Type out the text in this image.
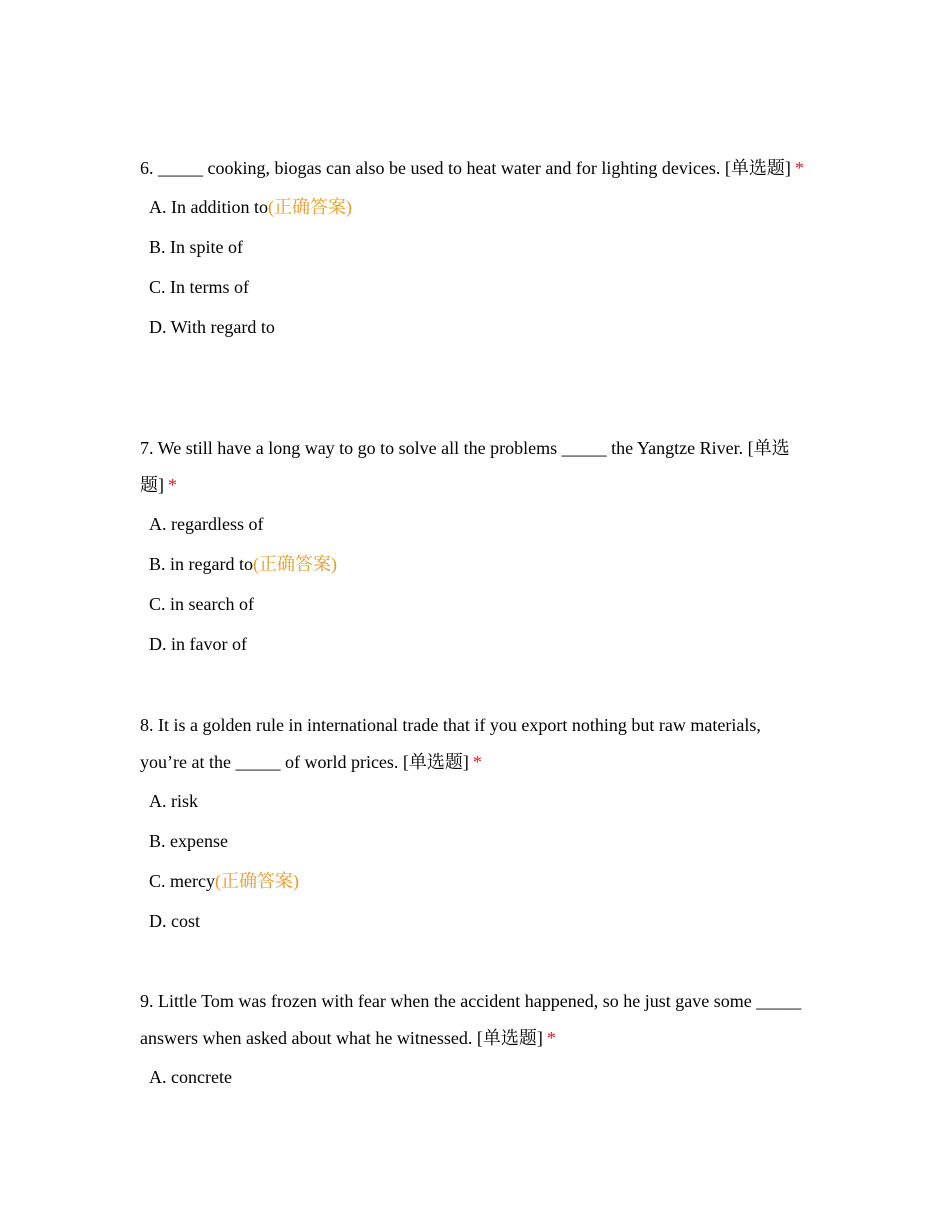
6. _____ cooking, biogas can also be used to heat water and for lighting devices. [单选题] *

A. In addition to(正确答案)
B. In spite of
C. In terms of
D. With regard to

7. We still have a long way to go to solve all the problems _____ the Yangtze River. [单选题] *

A. regardless of
B. in regard to(正确答案)
C. in search of
D. in favor of

8. It is a golden rule in international trade that if you export nothing but raw materials, you’re at the _____ of world prices. [单选题] *

A. risk
B. expense
C. mercy(正确答案)
D. cost

9. Little Tom was frozen with fear when the accident happened, so he just gave some _____ answers when asked about what he witnessed. [单选题] *

A. concrete
